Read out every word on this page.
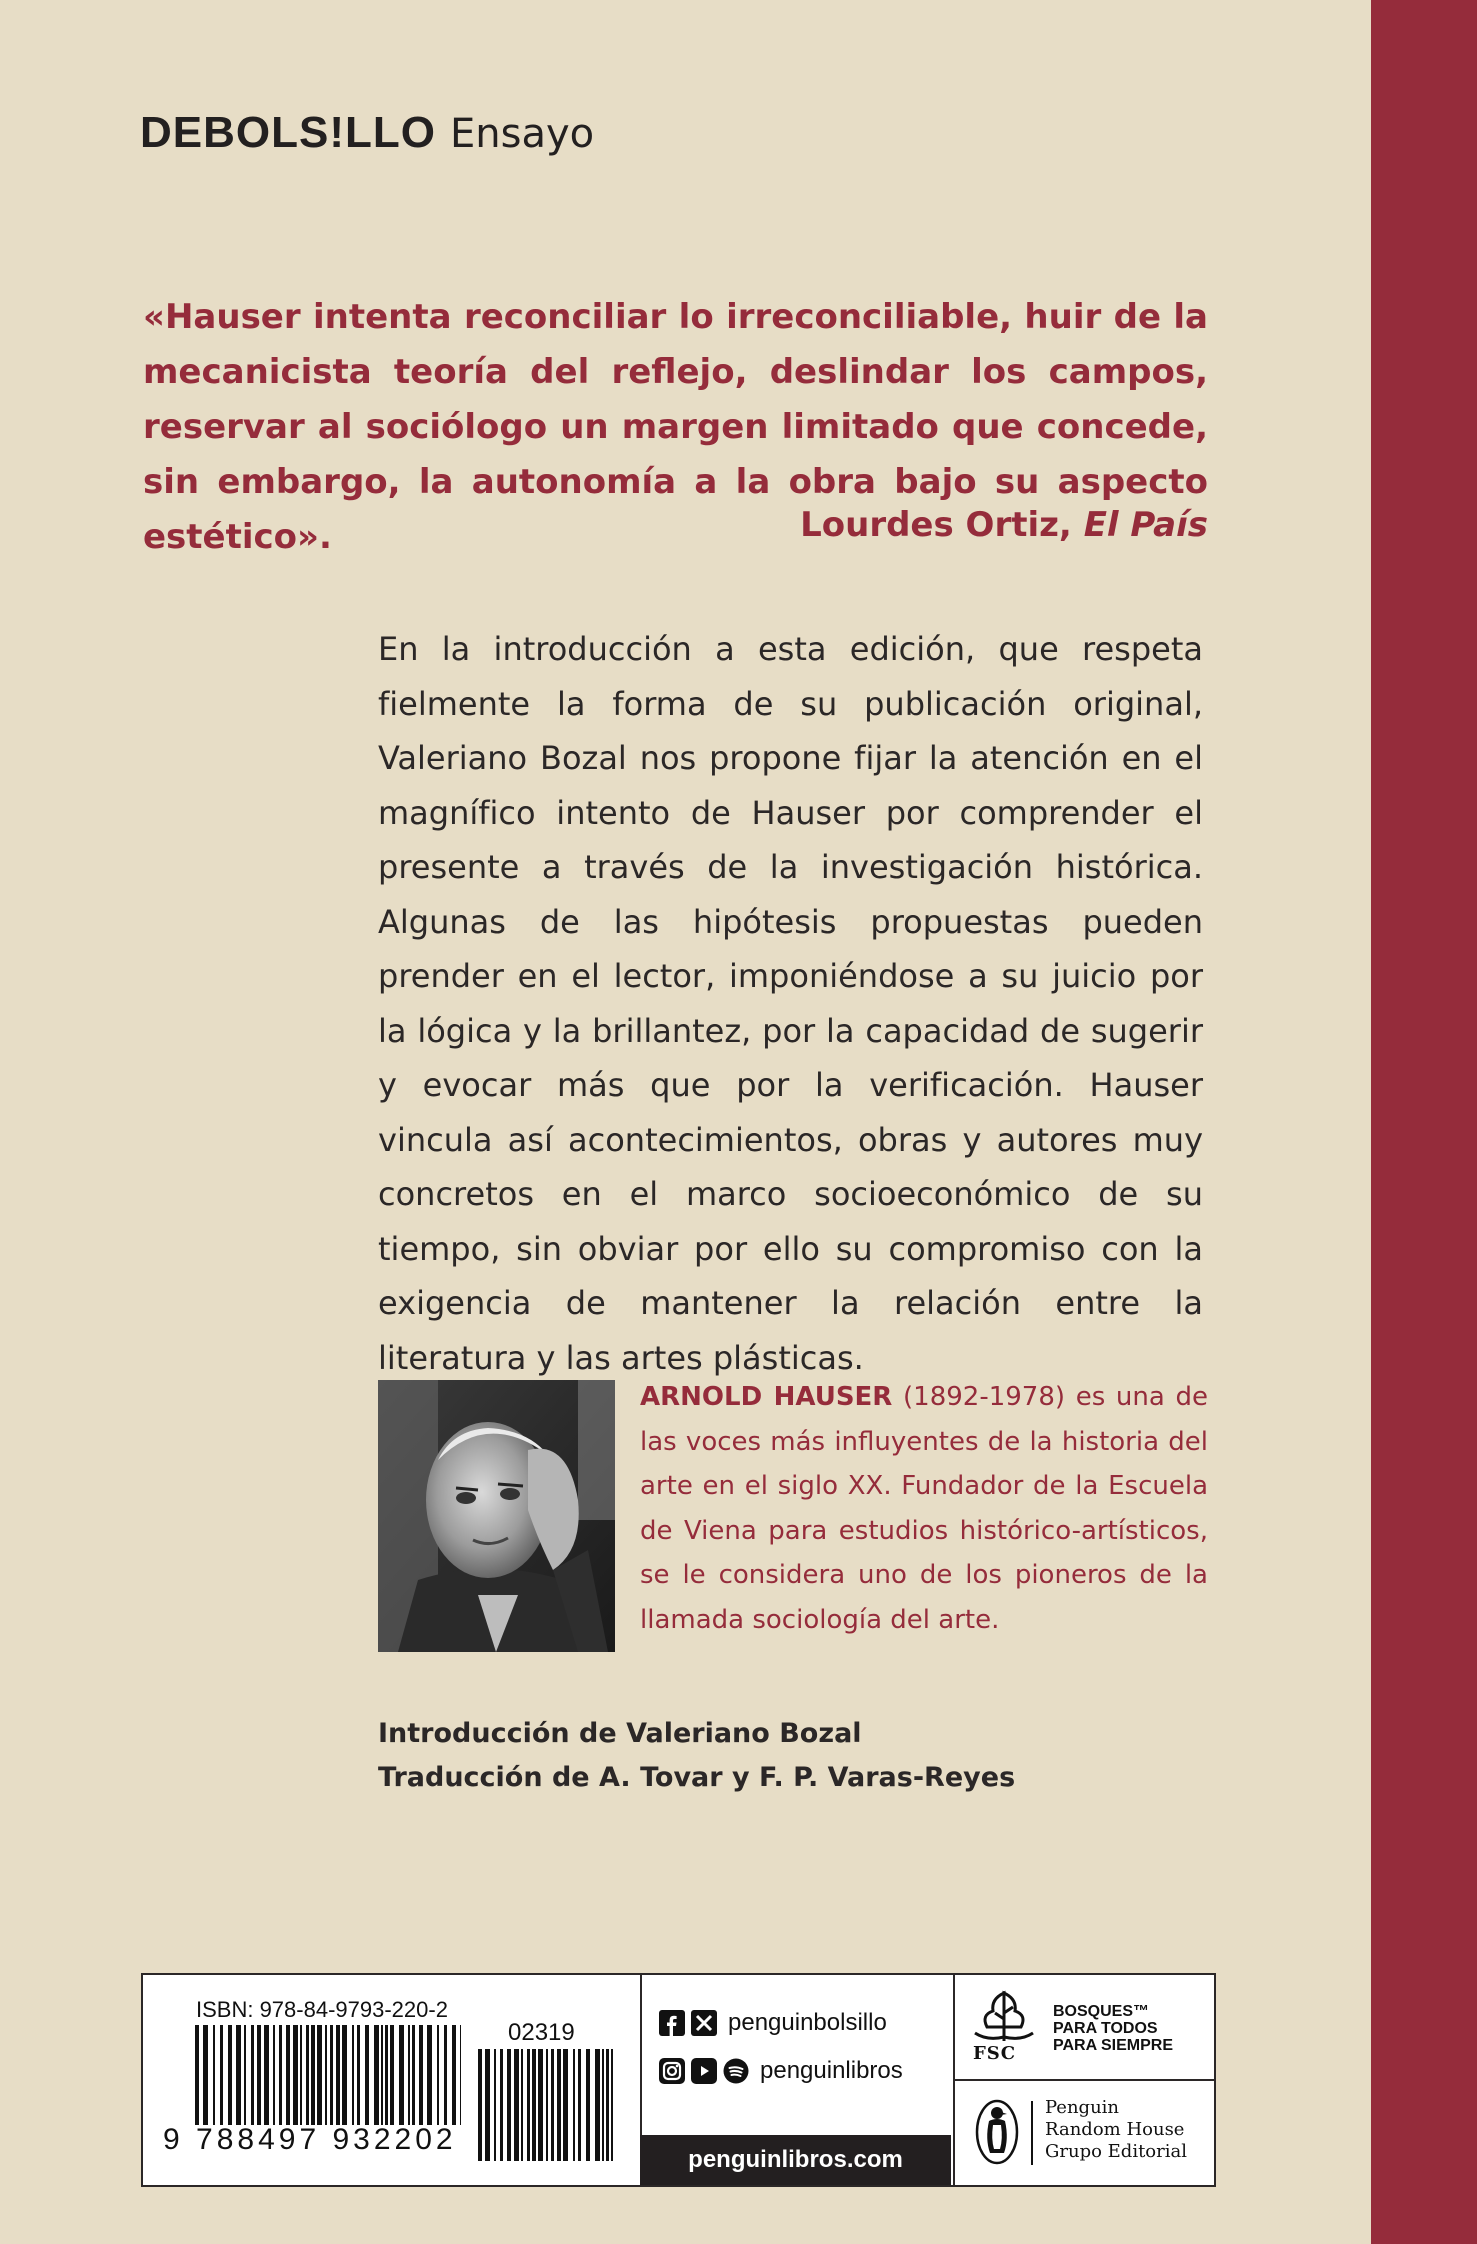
DEBOLS!LLO Ensayo
«Hauser intenta reconciliar lo irreconciliable, huir de la mecanicista teoría del reflejo, deslindar los campos, reservar al sociólogo un margen limitado que concede, sin embargo, la autonomía a la obra bajo su aspecto estético».	Lourdes Ortiz, El País
En la introducción a esta edición, que respeta fielmente la forma de su publicación original, Valeriano Bozal nos propone fijar la atención en el magnífico intento de Hauser por comprender el presente a través de la investigación histórica. Algunas de las hipótesis propuestas pueden prender en el lector, imponiéndose a su juicio por la lógica y la brillantez, por la capacidad de sugerir y evocar más que por la verificación. Hauser vincula así acontecimientos, obras y autores muy concretos en el marco socioeconómico de su tiempo, sin obviar por ello su compromiso con la exigencia de mantener la relación entre la literatura y las artes plásticas.
ARNOLD HAUSER (1892-1978) es una de las voces más influyentes de la historia del arte en el siglo XX. Fundador de la Escuela de Viena para estudios histórico-artísticos, se le considera uno de los pioneros de la llamada sociología del arte.
Introducción de Valeriano Bozal
Traducción de A. Tovar y F. P. Varas-Reyes
ISBN: 978-84-9793-220-2
02319
9 788497 932202
penguinbolsillo
penguinlibros
penguinlibros.com
FSC
BOSQUES™
PARA TODOS
PARA SIEMPRE
Penguin
Random House
Grupo Editorial
